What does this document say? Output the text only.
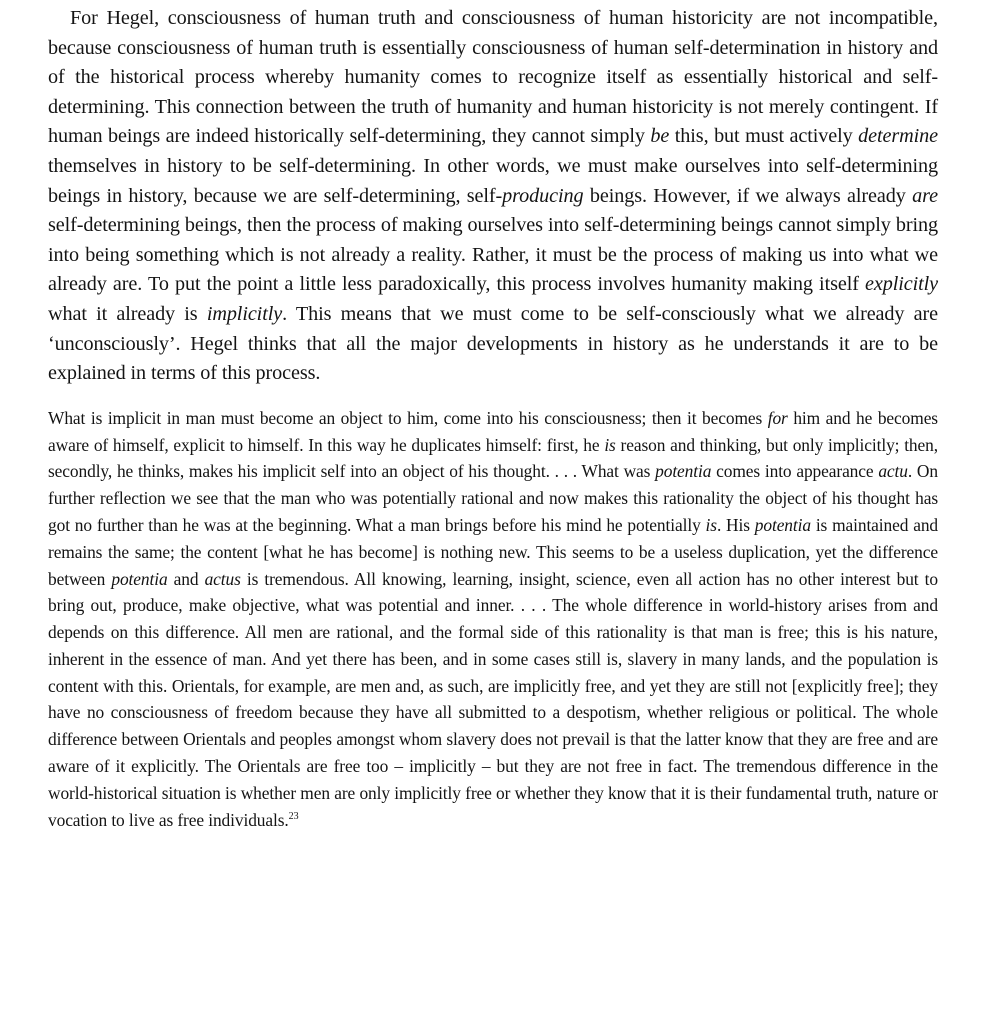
For Hegel, consciousness of human truth and consciousness of human historicity are not incompatible, because consciousness of human truth is essentially consciousness of human self-determination in history and of the historical process whereby humanity comes to recognize itself as essentially historical and self-determining. This connection between the truth of humanity and human historicity is not merely contingent. If human beings are indeed historically self-determining, they cannot simply be this, but must actively determine themselves in history to be self-determining. In other words, we must make ourselves into self-determining beings in history, because we are self-determining, self-producing beings. However, if we always already are self-determining beings, then the process of making ourselves into self-determining beings cannot simply bring into being something which is not already a reality. Rather, it must be the process of making us into what we already are. To put the point a little less paradoxically, this process involves humanity making itself explicitly what it already is implicitly. This means that we must come to be self-consciously what we already are ‘unconsciously’. Hegel thinks that all the major developments in history as he understands it are to be explained in terms of this process.

What is implicit in man must become an object to him, come into his consciousness; then it becomes for him and he becomes aware of himself, explicit to himself. In this way he duplicates himself: first, he is reason and thinking, but only implicitly; then, secondly, he thinks, makes his implicit self into an object of his thought. . . . What was potentia comes into appearance actu. On further reflection we see that the man who was potentially rational and now makes this rationality the object of his thought has got no further than he was at the beginning. What a man brings before his mind he potentially is. His potentia is maintained and remains the same; the content [what he has become] is nothing new. This seems to be a useless duplication, yet the difference between potentia and actus is tremendous. All knowing, learning, insight, science, even all action has no other interest but to bring out, produce, make objective, what was potential and inner. . . . The whole difference in world-history arises from and depends on this difference. All men are rational, and the formal side of this rationality is that man is free; this is his nature, inherent in the essence of man. And yet there has been, and in some cases still is, slavery in many lands, and the population is content with this. Orientals, for example, are men and, as such, are implicitly free, and yet they are still not [explicitly free]; they have no consciousness of freedom because they have all submitted to a despotism, whether religious or political. The whole difference between Orientals and peoples amongst whom slavery does not prevail is that the latter know that they are free and are aware of it explicitly. The Orientals are free too – implicitly – but they are not free in fact. The tremendous difference in the world-historical situation is whether men are only implicitly free or whether they know that it is their fundamental truth, nature or vocation to live as free individuals.$^{23}$
